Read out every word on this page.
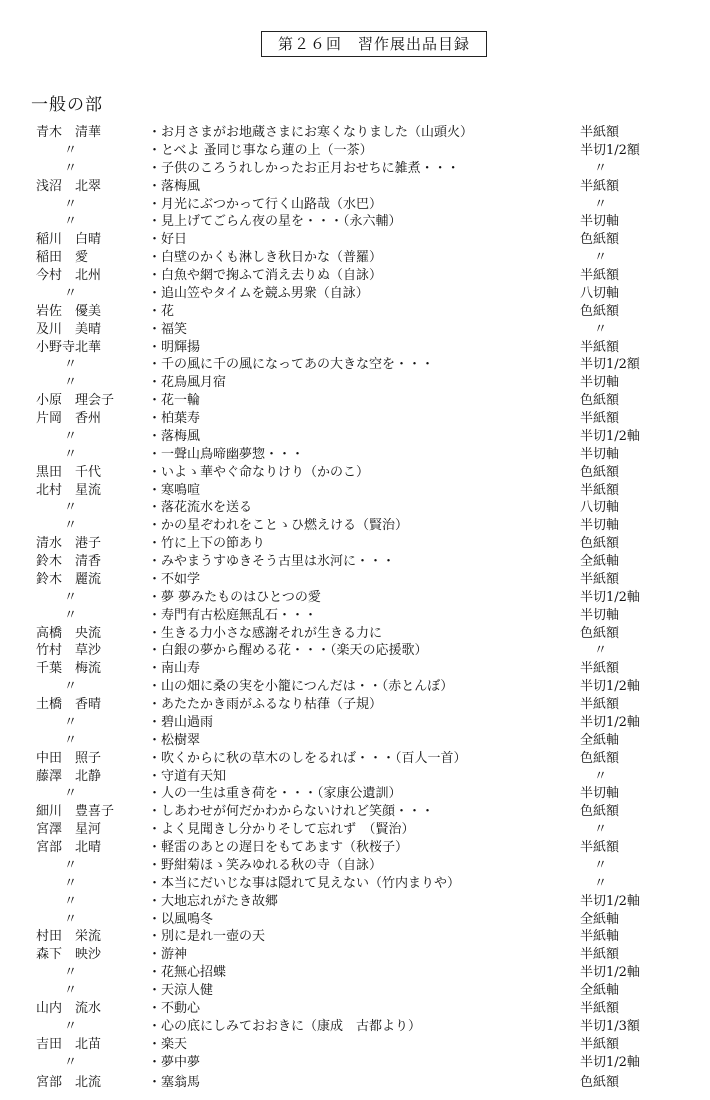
第２６回　習作展出品目録
一般の部
青木　清華	・お月さまがお地蔵さまにお寒くなりました（山頭火）	半紙額
〃	・とべよ 蚤同じ事なら蓮の上（一茶）	半切1/2額
〃	・子供のころうれしかったお正月おせちに雑煮・・・	〃
浅沼　北翠	・落梅風	半紙額
〃	・月光にぶつかって行く山路哉（水巴）	〃
〃	・見上げてごらん夜の星を・・・（永六輔）	半切軸
稲川　白晴	・好日	色紙額
稲田　愛	・白壁のかくも淋しき秋日かな（普羅）	〃
今村　北州	・白魚や網で掬ふて消え去りぬ（自詠）	半紙額
〃	・追山笠やタイムを競ふ男衆（自詠）	八切軸
岩佐　優美	・花	色紙額
及川　美晴	・福笑	〃
小野寺北華	・明輝揚	半紙額
〃	・千の風に千の風になってあの大きな空を・・・	半切1/2額
〃	・花鳥風月宿	半切軸
小原　理会子	・花一輪	色紙額
片岡　香州	・柏葉寿	半紙額
〃	・落梅風	半切1/2軸
〃	・一聲山鳥啼幽夢惣・・・	半切軸
黒田　千代	・いよゝ華やぐ命なりけり（かのこ）	色紙額
北村　星流	・寒鳴喧	半紙額
〃	・落花流水を送る	八切軸
〃	・かの星ぞわれをことゝひ燃えける（賢治）	半切軸
清水　港子	・竹に上下の節あり	色紙額
鈴木　清香	・みやまうすゆきそう古里は氷河に・・・	全紙軸
鈴木　麗流	・不如学	半紙額
〃	・夢 夢みたものはひとつの愛	半切1/2軸
〃	・寿門有古松庭無乱石・・・	半切軸
高橋　央流	・生きる力小さな感謝それが生きる力に	色紙額
竹村　草沙	・白銀の夢から醒める花・・・（楽天の応援歌）	〃
千葉　梅流	・南山寿	半紙額
〃	・山の畑に桑の実を小籠につんだは・・（赤とんぼ）	半切1/2軸
土橋　香晴	・あたたかき雨がふるなり枯葎（子規）	半紙額
〃	・碧山過雨	半切1/2軸
〃	・松樹翠	全紙軸
中田　照子	・吹くからに秋の草木のしをるれば・・・（百人一首）	色紙額
藤澤　北静	・守道有天知	〃
〃	・人の一生は重き荷を・・・（家康公遺訓）	半切軸
細川　豊喜子	・しあわせが何だかわからないけれど笑顔・・・	色紙額
宮澤　星河	・よく見聞きし分かりそして忘れず　（賢治）	〃
宮部　北晴	・軽雷のあとの遅日をもてあます（秋桜子）	半紙額
〃	・野紺菊ほゝ笑みゆれる秋の寺（自詠）	〃
〃	・本当にだいじな事は隠れて見えない（竹内まりや）	〃
〃	・大地忘れがたき故郷	半切1/2軸
〃	・以風鳴冬	全紙軸
村田　栄流	・別に是れ一壺の天	半紙軸
森下　映沙	・游神	半紙額
〃	・花無心招蝶	半切1/2軸
〃	・天涼人健	全紙軸
山内　流水	・不動心	半紙額
〃	・心の底にしみておおきに（康成　古都より）	半切1/3額
吉田　北苗	・楽天	半紙額
〃	・夢中夢	半切1/2軸
宮部　北流	・塞翁馬	色紙額
